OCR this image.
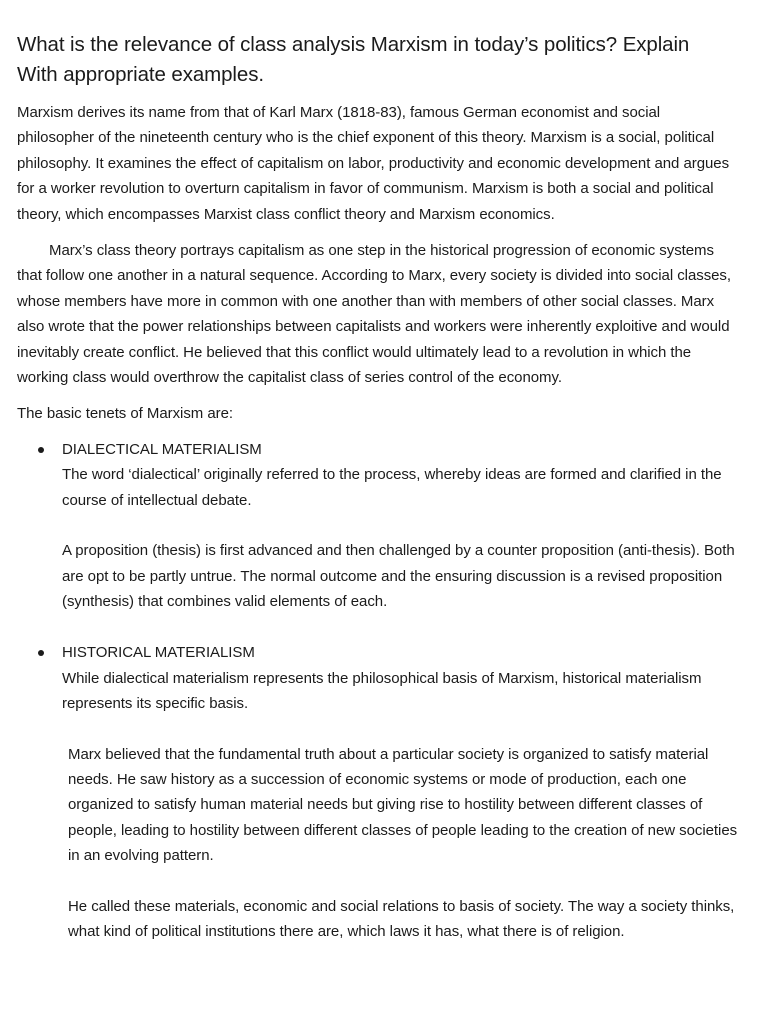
What is the relevance of class analysis Marxism in today’s politics? Explain
With appropriate examples.

Marxism derives its name from that of Karl Marx (1818-83), famous German economist and social philosopher of the nineteenth century who is the chief exponent of this theory. Marxism is a social, political philosophy. It examines the effect of capitalism on labor, productivity and economic development and argues for a worker revolution to overturn capitalism in favor of communism. Marxism is both a social and political theory, which encompasses Marxist class conflict theory and Marxism economics.

Marx’s class theory portrays capitalism as one step in the historical progression of economic systems that follow one another in a natural sequence. According to Marx, every society is divided into social classes, whose members have more in common with one another than with members of other social classes. Marx also wrote that the power relationships between capitalists and workers were inherently exploitive and would inevitably create conflict. He believed that this conflict would ultimately lead to a revolution in which the working class would overthrow the capitalist class of series control of the economy.

The basic tenets of Marxism are:

DIALECTICAL MATERIALISM

The word ‘dialectical’ originally referred to the process, whereby ideas are formed and clarified in the course of intellectual debate.

A proposition (thesis) is first advanced and then challenged by a counter proposition (anti-thesis). Both are opt to be partly untrue. The normal outcome and the ensuring discussion is a revised proposition (synthesis) that combines valid elements of each.

HISTORICAL MATERIALISM

While dialectical materialism represents the philosophical basis of Marxism, historical materialism represents its specific basis.

Marx believed that the fundamental truth about a particular society is organized to satisfy material needs. He saw history as a succession of economic systems or mode of production, each one organized to satisfy human material needs but giving rise to hostility between different classes of people, leading to hostility between different classes of people leading to the creation of new societies in an evolving pattern.

He called these materials, economic and social relations to basis of society. The way a society thinks, what kind of political institutions there are, which laws it has, what there is of religion.
